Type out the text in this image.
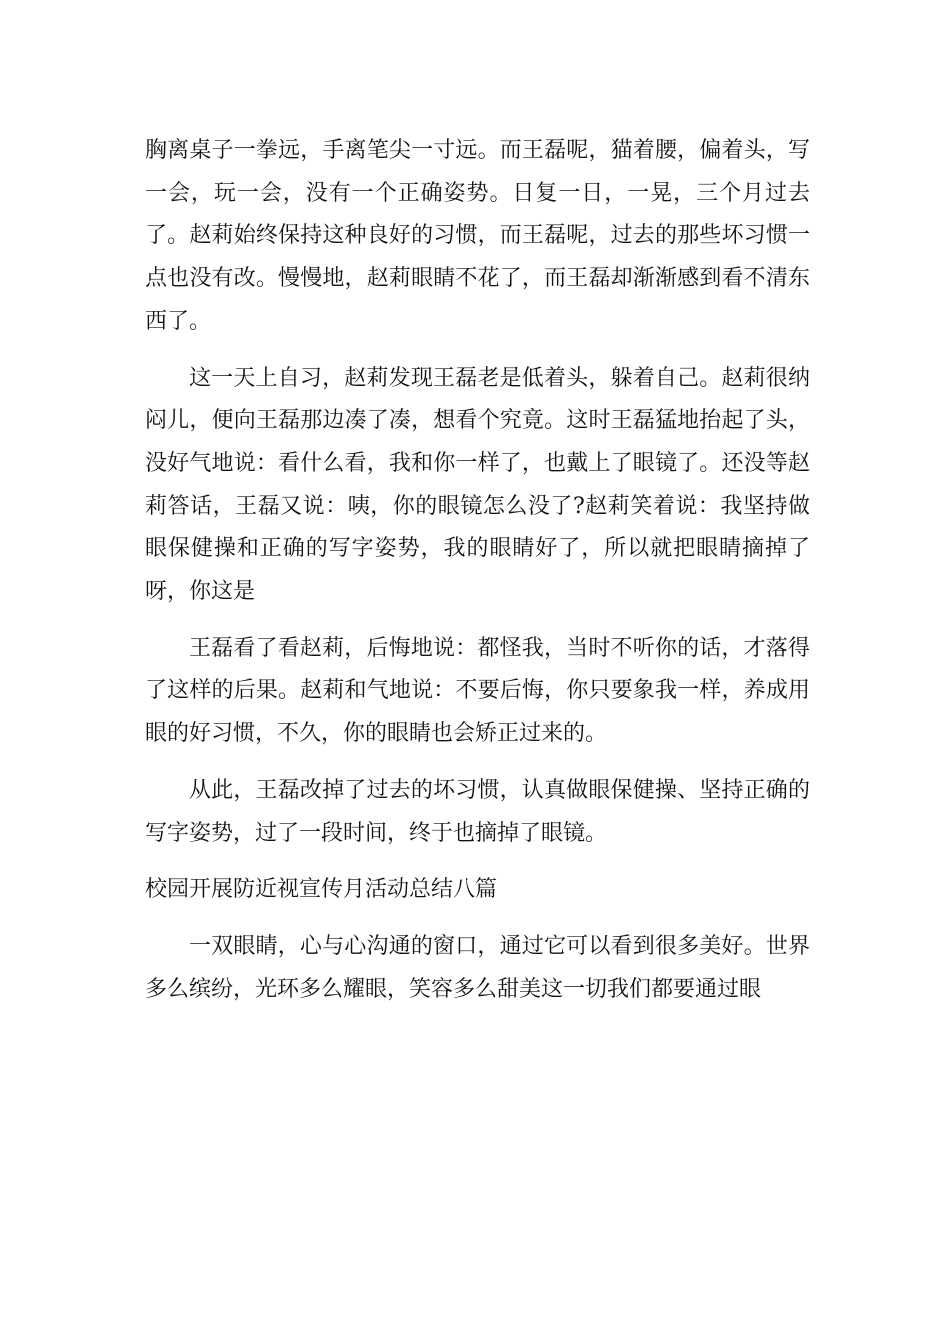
胸离桌子一拳远，手离笔尖一寸远。而王磊呢，猫着腰，偏着头，写一会，玩一会，没有一个正确姿势。日复一日，一晃，三个月过去了。赵莉始终保持这种良好的习惯，而王磊呢，过去的那些坏习惯一点也没有改。慢慢地，赵莉眼睛不花了，而王磊却渐渐感到看不清东西了。

这一天上自习，赵莉发现王磊老是低着头，躲着自己。赵莉很纳闷儿，便向王磊那边凑了凑，想看个究竟。这时王磊猛地抬起了头，没好气地说：看什么看，我和你一样了，也戴上了眼镜了。还没等赵莉答话，王磊又说：咦，你的眼镜怎么没了?赵莉笑着说：我坚持做眼保健操和正确的写字姿势，我的眼睛好了，所以就把眼睛摘掉了呀，你这是

王磊看了看赵莉，后悔地说：都怪我，当时不听你的话，才落得了这样的后果。赵莉和气地说：不要后悔，你只要象我一样，养成用眼的好习惯，不久，你的眼睛也会矫正过来的。

从此，王磊改掉了过去的坏习惯，认真做眼保健操、坚持正确的写字姿势，过了一段时间，终于也摘掉了眼镜。

校园开展防近视宣传月活动总结八篇

一双眼睛，心与心沟通的窗口，通过它可以看到很多美好。世界多么缤纷，光环多么耀眼，笑容多么甜美这一切我们都要通过眼
